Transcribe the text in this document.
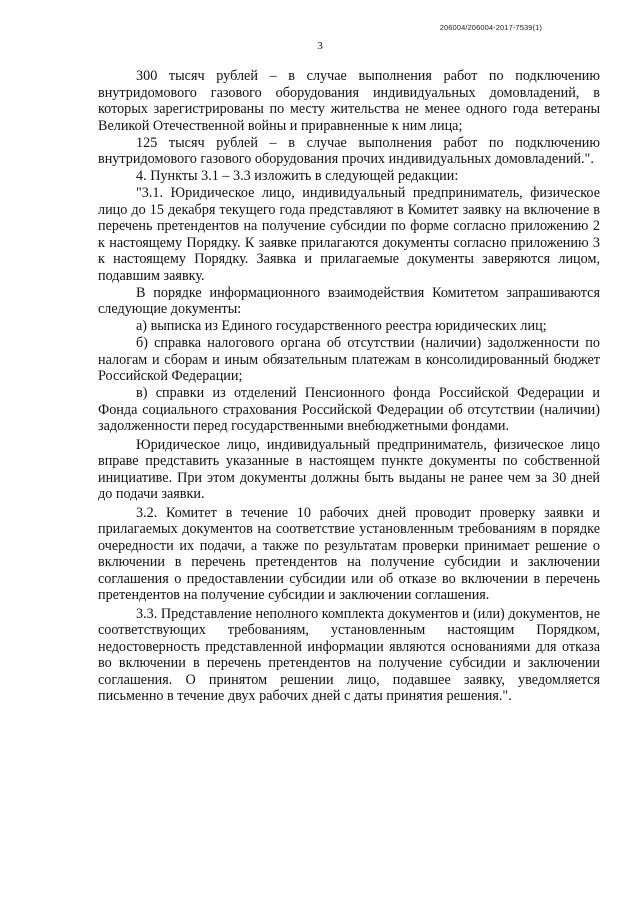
206004/206004-2017-7539(1)
3

300 тысяч рублей – в случае выполнения работ по подключению внутридомового газового оборудования индивидуальных домовладений, в которых зарегистрированы по месту жительства не менее одного года ветераны Великой Отечественной войны и приравненные к ним лица;

125 тысяч рублей – в случае выполнения работ по подключению внутридомового газового оборудования прочих индивидуальных домовладений.".

4. Пункты 3.1 – 3.3 изложить в следующей редакции:

"3.1. Юридическое лицо, индивидуальный предприниматель, физическое лицо до 15 декабря текущего года представляют в Комитет заявку на включение в перечень претендентов на получение субсидии по форме согласно приложению 2 к настоящему Порядку. К заявке прилагаются документы согласно приложению 3 к настоящему Порядку. Заявка и прилагаемые документы заверяются лицом, подавшим заявку.

В порядке информационного взаимодействия Комитетом запрашиваются следующие документы:

а) выписка из Единого государственного реестра юридических лиц;

б) справка налогового органа об отсутствии (наличии) задолженности по налогам и сборам и иным обязательным платежам в консолидированный бюджет Российской Федерации;

в) справки из отделений Пенсионного фонда Российской Федерации и Фонда социального страхования Российской Федерации об отсутствии (наличии) задолженности перед государственными внебюджетными фондами.

Юридическое лицо, индивидуальный предприниматель, физическое лицо вправе представить указанные в настоящем пункте документы по собственной инициативе. При этом документы должны быть выданы не ранее чем за 30 дней до подачи заявки.

3.2. Комитет в течение 10 рабочих дней проводит проверку заявки и прилагаемых документов на соответствие установленным требованиям в порядке очередности их подачи, а также по результатам проверки принимает решение о включении в перечень претендентов на получение субсидии и заключении соглашения о предоставлении субсидии или об отказе во включении в перечень претендентов на получение субсидии и заключении соглашения.

3.3. Представление неполного комплекта документов и (или) документов, не соответствующих требованиям, установленным настоящим Порядком, недостоверность представленной информации являются основаниями для отказа во включении в перечень претендентов на получение субсидии и заключении соглашения. О принятом решении лицо, подавшее заявку, уведомляется письменно в течение двух рабочих дней с даты принятия решения.".
